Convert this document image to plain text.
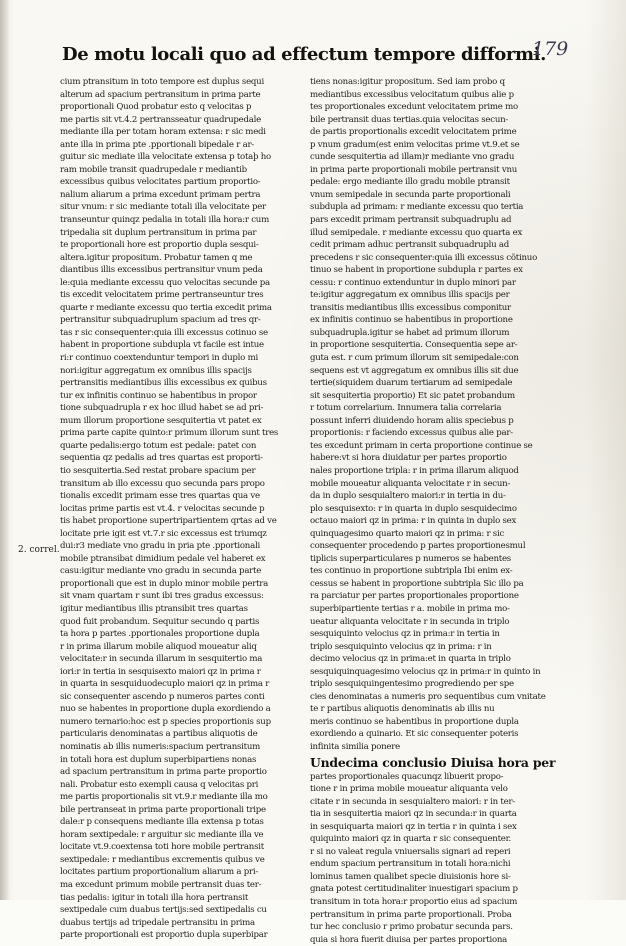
De motu locali quo ad effectum tempore difformi.
179
2. correl.
cium ptransitum in toto tempore est duplus sequi
alterum ad spacium pertransitum in prima parte
proportionali Quod probatur esto q velocitas p
me partis sit vt.4.2 pertransseatur quadrupedale
mediante illa per totam horam extensa: r sic medi
ante illa in prima pte .pportionali bipedale r ar-
guitur sic mediate illa velocitate extensa p totaþ ho
ram mobile transit quadrupedale r mediantib
excessibus quibus velocitates partium proportio-
nalium aliarum a prima excedunt primam pertra
situr vnum: r sic mediante totali illa velocitate per
transeuntur quinqz pedalia in totali illa hora:r cum
tripedalia sit duplum pertransitum in prima par
te proportionali hore est proportio dupla sesqui-
altera.igitur propositum. Probatur tamen q me
diantibus illis excessibus pertransitur vnum peda
le:quia mediante excessu quo velocitas secunde pa
tis excedit velocitatem prime pertranseuntur tres
quarte r mediante excessu quo tertia excedit prima
pertransitur subquadruplum spacium ad tres qr-
tas r sic consequenter:quia illi excessus cotinuo se
habent in proportione subdupla vt facile est intue
ri:r continuo coextenduntur tempori in duplo mi
nori:igitur aggregatum ex omnibus illis spacijs
pertransitis mediantibus illis excessibus ex quibus
tur ex infinitis continuo se habentibus in propor
tione subquadrupla r ex hoc illud habet se ad pri-
mum illorum proportione sesquitertia vt patet ex
prima parte capite quinto:r primum illorum sunt tres
quarte pedalis:ergo totum est pedale: patet con
sequentia qz pedalis ad tres quartas est proporti-
tio sesquitertia.Sed restat probare spacium per
transitum ab illo excessu quo secunda pars propo
tionalis excedit primam esse tres quartas qua ve
locitas prime partis est vt.4. r velocitas secunde p
tis habet proportione supertripartientem qrtas ad ve
locitate prie igit est vt.7.r sic excessus est triumqz
dui:r3 mediate vno gradu in pria pte .pportionali
mobile ptransibat dimidium pedale vel haberet ex
casu:igitur mediante vno gradu in secunda parte
proportionali que est in duplo minor mobile pertra
sit vnam quartam r sunt ibi tres gradus excessus:
igitur mediantibus illis ptransibit tres quartas
quod fuit probandum. Sequitur secundo q partis
ta hora p partes .pportionales proportione dupla
r in prima illarum mobile aliquod moueatur aliq
velocitate:r in secunda illarum in sesquitertio ma
iori:r in tertia in sesquisexto maiori qz in prima r
in quarta in sesquiduodecuplo maiori qz in prima r
sic consequenter ascendo p numeros partes conti
nuo se habentes in proportione dupla exordiendo a
numero ternario:hoc est p species proportionis sup
particularis denominatas a partibus aliquotis de
nominatis ab illis numeris:spacium pertransitum
in totali hora est duplum superbipartiens nonas
ad spacium pertransitum in prima parte proportio
nali. Probatur esto exempli causa q velocitas pri
me partis proportionalis sit vt.9.r mediante illa mo
bile pertranseat in prima parte proportionali tripe
dale:r p consequens mediante illa extensa p totas
horam sextipedale: r arguitur sic mediante illa ve
locitate vt.9.coextensa toti hore mobile pertransit
sextipedale: r mediantibus excrementis quibus ve
locitates partium proportionalium aliarum a pri-
ma excedunt primum mobile pertransit duas ter-
tias pedalis: igitur in totali illa hora pertransit
sextipedale cum duabus tertijs:sed sextipedalis cu
duabus tertijs ad tripedale pertransitu in prima
parte proportionali est proportio dupla superbipar
tiens nonas:igitur propositum. Sed iam probo q
mediantibus excessibus velocitatum quibus alie p
tes proportionales excedunt velocitatem prime mo
bile pertransit duas tertias.quia velocitas secun-
de partis proportionalis excedit velocitatem prime
p vnum gradum(est enim velocitas prime vt.9.et se
cunde sesquitertia ad illam)r mediante vno gradu
in prima parte proportionali mobile pertransit vnu
pedale: ergo mediante illo gradu mobile ptransit
vnum semipedale in secunda parte proportionali
subdupla ad primam: r mediante excessu quo tertia
pars excedit primam pertransit subquadruplu ad
illud semipedale. r mediante excessu quo quarta ex
cedit primam adhuc pertransit subquadruplu ad
precedens r sic consequenter:quia illi excessus cõtinuo
tinuo se habent in proportione subdupla r partes ex
cessu: r continuo extenduntur in duplo minori par
te:igitur aggregatum ex omnibus illis spacijs per
transitis mediantibus illis excessibus componitur
ex infinitis continuo se habentibus in proportione
subquadrupla.igitur se habet ad primum illorum
in proportione sesquitertia. Consequentia sepe ar-
guta est. r cum primum illorum sit semipedale:con
sequens est vt aggregatum ex omnibus illis sit due
tertie(siquidem duarum tertiarum ad semipedale
sit sesquitertia proportio) Et sic patet probandum
r totum correlarium. Innumera talia correlaria
possunt inferri diuidendo horam aliis speciebus p
proportionis: r faciendo excessus quibus alie par-
tes excedunt primam in certa proportione continue se
habere:vt si hora diuidatur per partes proportio
nales proportione tripla: r in prima illarum aliquod
mobile moueatur aliquanta velocitate r in secun-
da in duplo sesquialtero maiori:r in tertia in du-
plo sesquisexto: r in quarta in duplo sesquidecimo
octauo maiori qz in prima: r in quinta in duplo sex
quinquagesimo quarto maiori qz in prima: r sic
consequenter procedendo p partes proportionesmul
tiplicis superparticulares p numeros se habentes
tes continuo in proportione subtripla Ibi enim ex-
cessus se habent in proportione subtripla Sic illo pa
ra parciatur per partes proportionales proportione
superbipartiente tertias r a. mobile in prima mo-
ueatur aliquanta velocitate r in secunda in triplo
sesquiquinto velocius qz in prima:r in tertia in
triplo sesquiquinto velocius qz in prima: r in
decimo velocius qz in prima:et in quarta in triplo
sesquiquinquagesimo velocius qz in prima:r in quinto in
triplo sesquiquingentesimo progrediendo per spe
cies denominatas a numeris pro sequentibus cum vnitate
te r partibus aliquotis denominatis ab illis nu
meris continuo se habentibus in proportione dupla
exordiendo a quinario. Et sic consequenter poteris
infinita similia ponere
Undecima conclusio Diuisa hora per
partes proportionales quacunqz libuerit propo-
tione r in prima mobile moueatur aliquanta velo
citate r in secunda in sesquialtero maiori: r in ter-
tia in sesquitertia maiori qz in secunda:r in quarta
in sesquiquarta maiori qz in tertia r in quinta i sex
quiquinto maiori qz in quarta r sic consequenter.
r si no valeat regula vniuersalis signari ad reperi
endum spacium pertransitum in totali hora:nichi
lominus tamen qualibet specie diuisionis hore si-
gnata potest certitudinaliter inuestigari spacium p
transitum in tota hora:r proportio eius ad spacium
pertransitum in prima parte proportionali. Proba
tur hec conclusio r primo probatur secunda pars.
quia si hora fuerit diuisa per partes proportiona
